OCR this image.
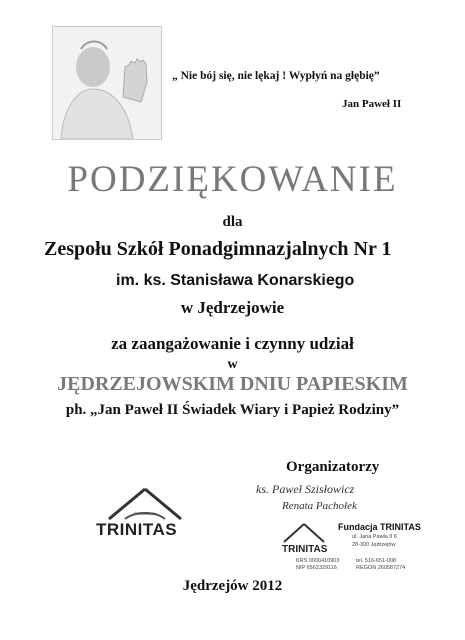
„ Nie bój się, nie lękaj ! Wypłyń na głębię”
Jan Paweł II
PODZIĘKOWANIE
dla
Zespołu Szkół Ponadgimnazjalnych Nr 1
im. ks. Stanisława Konarskiego
w Jędrzejowie
za zaangażowanie i czynny udział
w
JĘDRZEJOWSKIM DNIU PAPIESKIM
ph. „Jan Paweł II Świadek Wiary i Papież Rodziny”
Organizatorzy
ks. Paweł Szisłowicz
Renata Pachołek
FUNDACJA
TRINITAS
TRINITAS
Fundacja TRINITAS
ul. Jana Pawła II 6
28-300 Jędrzejów
KRS 0000410903
NIP 6562329116
tel. 516-651-008
REGON 260587274
Jędrzejów 2012
